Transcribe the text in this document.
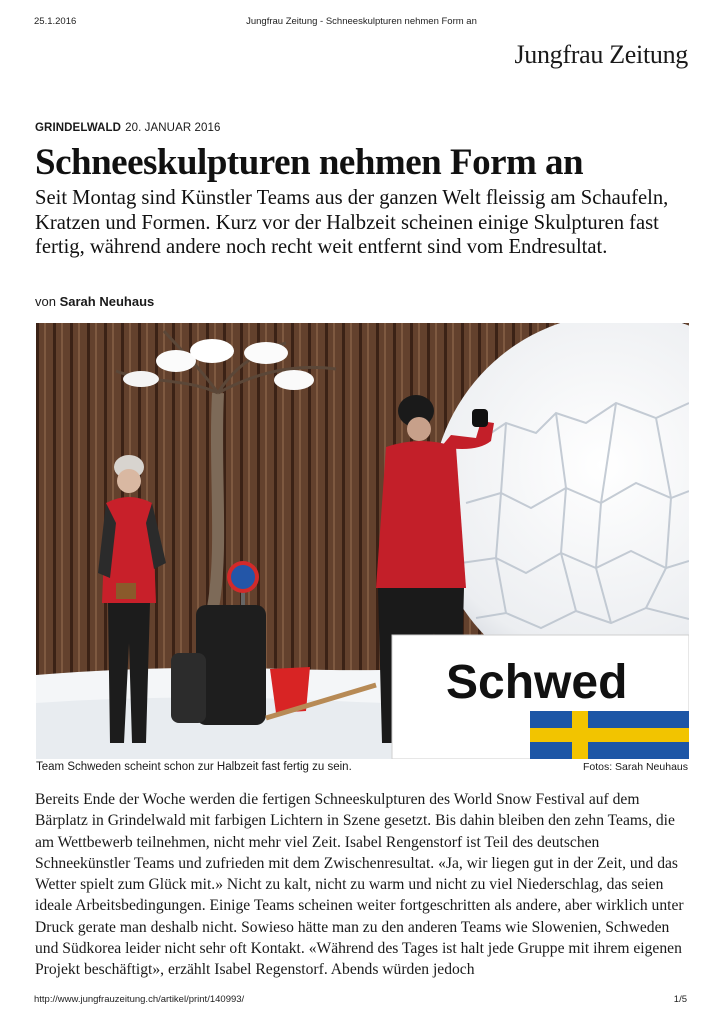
25.1.2016	Jungfrau Zeitung - Schneeskulpturen nehmen Form an
Jungfrau Zeitung
GRINDELWALD 20. JANUAR 2016
Schneeskulpturen nehmen Form an

Seit Montag sind Künstler Teams aus der ganzen Welt fleissig am Schaufeln, Kratzen und Formen. Kurz vor der Halbzeit scheinen einige Skulpturen fast fertig, während andere noch recht weit entfernt sind vom Endresultat.

von Sarah Neuhaus
Schwed
Team Schweden scheint schon zur Halbzeit fast fertig zu sein.	Fotos: Sarah Neuhaus

Bereits Ende der Woche werden die fertigen Schneeskulpturen des World Snow Festival auf dem Bärplatz in Grindelwald mit farbigen Lichtern in Szene gesetzt. Bis dahin bleiben den zehn Teams, die am Wettbewerb teilnehmen, nicht mehr viel Zeit. Isabel Rengenstorf ist Teil des deutschen Schneekünstler Teams und zufrieden mit dem Zwischenresultat. «Ja, wir liegen gut in der Zeit, und das Wetter spielt zum Glück mit.» Nicht zu kalt, nicht zu warm und nicht zu viel Niederschlag, das seien ideale Arbeitsbedingungen. Einige Teams scheinen weiter fortgeschritten als andere, aber wirklich unter Druck gerate man deshalb nicht. Sowieso hätte man zu den anderen Teams wie Slowenien, Schweden und Südkorea leider nicht sehr oft Kontakt. «Während des Tages ist halt jede Gruppe mit ihrem eigenen Projekt beschäftigt», erzählt Isabel Regenstorf. Abends würden jedoch

http://www.jungfrauzeitung.ch/artikel/print/140993/	1/5
